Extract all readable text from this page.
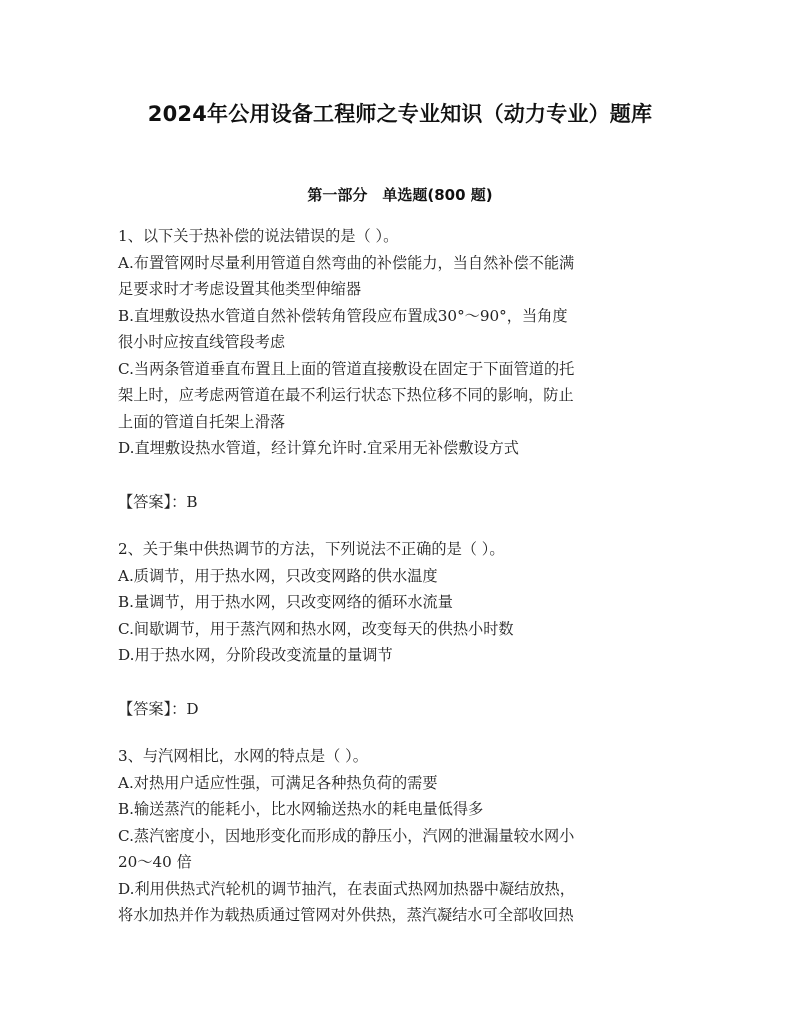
2024年公用设备工程师之专业知识（动力专业）题库
第一部分　单选题(800 题)
1、以下关于热补偿的说法错误的是（ ）。
A.布置管网时尽量利用管道自然弯曲的补偿能力，当自然补偿不能满
足要求时才考虑设置其他类型伸缩器
B.直埋敷设热水管道自然补偿转角管段应布置成30°～90°，当角度
很小时应按直线管段考虑
C.当两条管道垂直布置且上面的管道直接敷设在固定于下面管道的托
架上时，应考虑两管道在最不利运行状态下热位移不同的影响，防止
上面的管道自托架上滑落
D.直埋敷设热水管道，经计算允许时.宜采用无补偿敷设方式
【答案】：B
2、关于集中供热调节的方法，下列说法不正确的是（ ）。
A.质调节，用于热水网，只改变网路的供水温度
B.量调节，用于热水网，只改变网络的循环水流量
C.间歇调节，用于蒸汽网和热水网，改变每天的供热小时数
D.用于热水网，分阶段改变流量的量调节
【答案】：D
3、与汽网相比，水网的特点是（ ）。
A.对热用户适应性强，可满足各种热负荷的需要
B.输送蒸汽的能耗小，比水网输送热水的耗电量低得多
C.蒸汽密度小，因地形变化而形成的静压小，汽网的泄漏量较水网小
20～40 倍
D.利用供热式汽轮机的调节抽汽，在表面式热网加热器中凝结放热，
将水加热并作为载热质通过管网对外供热，蒸汽凝结水可全部收回热
